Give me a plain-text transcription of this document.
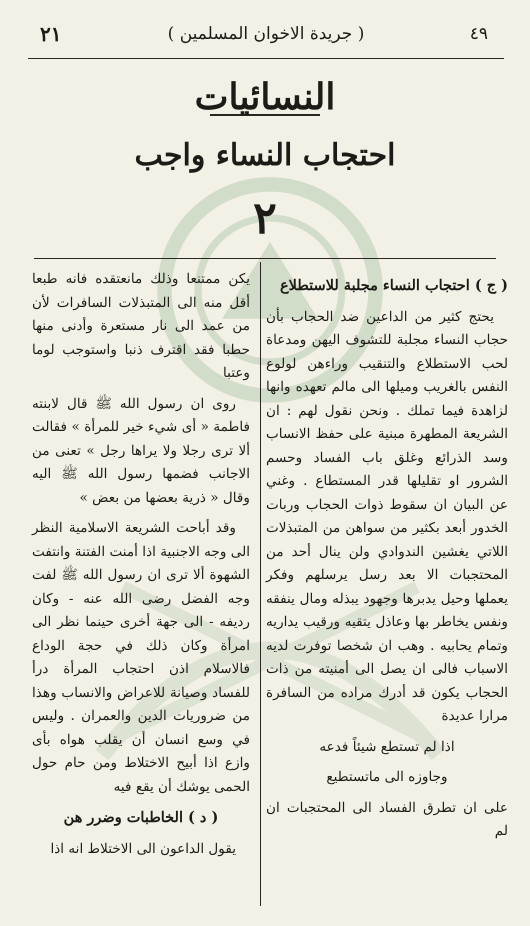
٢١	( جريدة الاخوان المسلمين )	٤٩
النسائيات
احتجاب النساء واجب
٢

( ج ) احتجاب النساء مجلبة للاستطلاع

يحتج كثير من الداعين ضد الحجاب بأن حجاب النساء مجلبة للتشوف اليهن ومدعاة لحب الاستطلاع والتنقيب وراءهن لولوع النفس بالغريب وميلها الى مالم تعهده وانها لزاهدة فيما تملك . ونحن نقول لهم : ان الشريعة المطهرة مبنية على حفظ الانساب وسد الذرائع وغلق باب الفساد وحسم الشرور او تقليلها قدر المستطاع . وغني عن البيان ان سقوط ذوات الحجاب وربات الخدور أبعد بكثير من سواهن من المتبذلات اللاتي يغشين الندوادي ولن ينال أحد من المحتجبات الا بعد رسل يرسلهم وفكر يعملها وحيل يدبرها وجهود يبذله ومال ينفقه ونفس يخاطر بها وعاذل يتقيه ورقيب يداريه وتمام يحابيه . وهب ان شخصا توفرت لديه الاسباب فالى ان يصل الى أمنيته من ذات الحجاب يكون قد أدرك مراده من السافرة مرارا عديدة

اذا لم تستطع شيئاً فدعه

وجاوزه الى ماتستطيع

على ان تطرق الفساد الى المحتجبات ان لم

يكن ممتنعا وذلك مانعتقده فانه طبعا أقل منه الى المتبذلات السافرات لأن من عمد الى نار مستعرة وأدنى منها حطبا فقد اقترف ذنبا واستوجب لوما وعتبا

روى ان رسول الله ﷺ قال لابنته فاطمة « أى شيء خير للمرأة » فقالت ألا ترى رجلا ولا يراها رجل » تعنى من الاجانب فضمها رسول الله ﷺ اليه وقال « ذرية بعضها من بعض »

وقد أباحت الشريعة الاسلامية النظر الى وجه الاجنبية اذا أمنت الفتنة وانتفت الشهوة ألا ترى ان رسول الله ﷺ لفت وجه الفضل رضى الله عنه - وكان رديفه - الى جهة أخرى حينما نظر الى امرأة وكان ذلك في حجة الوداع فالاسلام اذن احتجاب المرأة درأ للفساد وصيانة للاعراض والانساب وهذا من ضروريات الدين والعمران . وليس في وسع انسان أن يقلب هواه بأى وازع اذا أبيح الاختلاط ومن حام حول الحمى يوشك أن يقع فيه

( د ) الخاطبات وضرر هن

يقول الداعون الى الاختلاط انه اذا
